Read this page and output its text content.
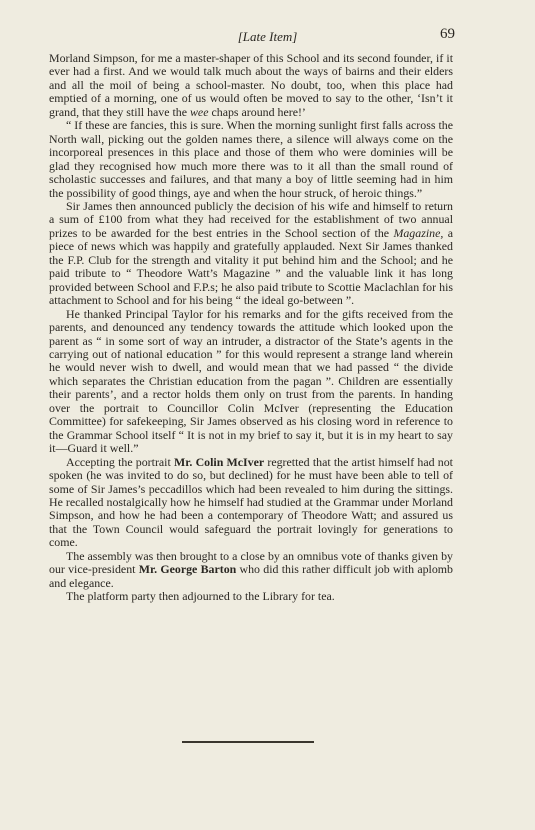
[Late Item]	69

Morland Simpson, for me a master-shaper of this School and its second founder, if it ever had a first. And we would talk much about the ways of bairns and their elders and all the moil of being a school-master. No doubt, too, when this place had emptied of a morning, one of us would often be moved to say to the other, ‘Isn’t it grand, that they still have the wee chaps around here!’

“ If these are fancies, this is sure. When the morning sunlight first falls across the North wall, picking out the golden names there, a silence will always come on the incorporeal presences in this place and those of them who were dominies will be glad they recognised how much more there was to it all than the small round of scholastic successes and failures, and that many a boy of little seeming had in him the possibility of good things, aye and when the hour struck, of heroic things.”

Sir James then announced publicly the decision of his wife and himself to return a sum of £100 from what they had received for the establishment of two annual prizes to be awarded for the best entries in the School section of the Magazine, a piece of news which was happily and gratefully applauded. Next Sir James thanked the F.P. Club for the strength and vitality it put behind him and the School; and he paid tribute to “ Theodore Watt’s Magazine ” and the valuable link it has long provided between School and F.P.s; he also paid tribute to Scottie Maclachlan for his attachment to School and for his being “ the ideal go-between ”.

He thanked Principal Taylor for his remarks and for the gifts received from the parents, and denounced any tendency towards the attitude which looked upon the parent as “ in some sort of way an intruder, a distractor of the State’s agents in the carrying out of national education ” for this would represent a strange land wherein he would never wish to dwell, and would mean that we had passed “ the divide which separates the Christian education from the pagan ”. Children are essentially their parents’, and a rector holds them only on trust from the parents. In handing over the portrait to Councillor Colin McIver (representing the Education Committee) for safekeeping, Sir James observed as his closing word in reference to the Grammar School itself “ It is not in my brief to say it, but it is in my heart to say it—Guard it well.”

Accepting the portrait Mr. Colin McIver regretted that the artist himself had not spoken (he was invited to do so, but declined) for he must have been able to tell of some of Sir James’s peccadillos which had been revealed to him during the sittings. He recalled nostalgically how he himself had studied at the Grammar under Morland Simpson, and how he had been a contemporary of Theodore Watt; and assured us that the Town Council would safeguard the portrait lovingly for generations to come.

The assembly was then brought to a close by an omnibus vote of thanks given by our vice-president Mr. George Barton who did this rather difficult job with aplomb and elegance.

The platform party then adjourned to the Library for tea.
